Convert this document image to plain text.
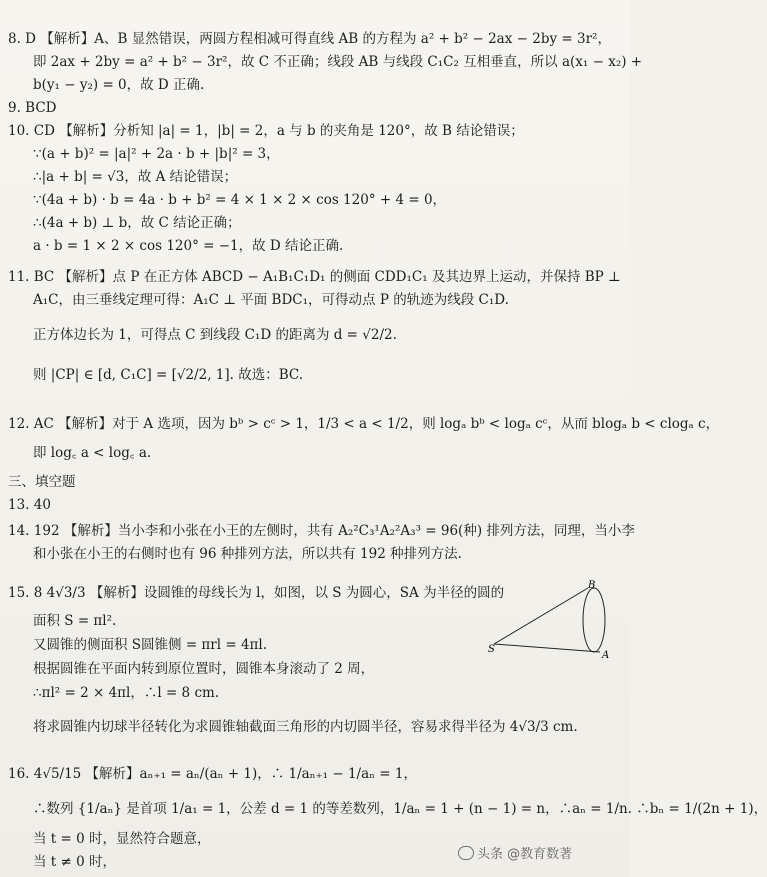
8. D 【解析】A、B 显然错误，两圆方程相减可得直线 AB 的方程为 a² + b² − 2ax − 2by = 3r²，
即 2ax + 2by = a² + b² − 3r²，故 C 不正确；线段 AB 与线段 C₁C₂ 互相垂直，所以 a(x₁ − x₂) +
b(y₁ − y₂) = 0，故 D 正确.
9. BCD
10. CD 【解析】分析知 |a| = 1，|b| = 2，a 与 b 的夹角是 120°，故 B 结论错误；
∵(a + b)² = |a|² + 2a · b + |b|² = 3，
∴|a + b| = √3，故 A 结论错误；
∵(4a + b) · b = 4a · b + b² = 4 × 1 × 2 × cos 120° + 4 = 0，
∴(4a + b) ⊥ b，故 C 结论正确；
a · b = 1 × 2 × cos 120° = −1，故 D 结论正确.
11. BC 【解析】点 P 在正方体 ABCD − A₁B₁C₁D₁ 的侧面 CDD₁C₁ 及其边界上运动，并保持 BP ⊥
A₁C，由三垂线定理可得：A₁C ⊥ 平面 BDC₁，可得动点 P 的轨迹为线段 C₁D.
正方体边长为 1，可得点 C 到线段 C₁D 的距离为 d = √2/2.
则 |CP| ∈ [d, C₁C] = [√2/2, 1]. 故选：BC.
12. AC 【解析】对于 A 选项，因为 bᵇ > cᶜ > 1，1/3 < a < 1/2，则 logₐ bᵇ < logₐ cᶜ，从而 blogₐ b < clogₐ c，
即 log꜀ a < log꜀ a.
三、填空题
13. 40
14. 192 【解析】当小李和小张在小王的左侧时，共有 A₂²C₃¹A₂²A₃³ = 96(种) 排列方法，同理，当小李
和小张在小王的右侧时也有 96 种排列方法，所以共有 192 种排列方法.
15. 8 4√3/3 【解析】设圆锥的母线长为 l，如图，以 S 为圆心，SA 为半径的圆的
面积 S = πl².
又圆锥的侧面积 S圆锥侧 = πrl = 4πl.
根据圆锥在平面内转到原位置时，圆锥本身滚动了 2 周，
∴πl² = 2 × 4πl，∴l = 8 cm.
将求圆锥内切球半径转化为求圆锥轴截面三角形的内切圆半径，容易求得半径为 4√3/3 cm.
16. 4√5/15 【解析】aₙ₊₁ = aₙ/(aₙ + 1)，∴ 1/aₙ₊₁ − 1/aₙ = 1，
∴数列 {1/aₙ} 是首项 1/a₁ = 1，公差 d = 1 的等差数列，1/aₙ = 1 + (n − 1) = n，∴aₙ = 1/n. ∴bₙ = 1/(2n + 1)，
当 t = 0 时，显然符合题意，
当 t ≠ 0 时，
S
B
A
头条 @教育数著
